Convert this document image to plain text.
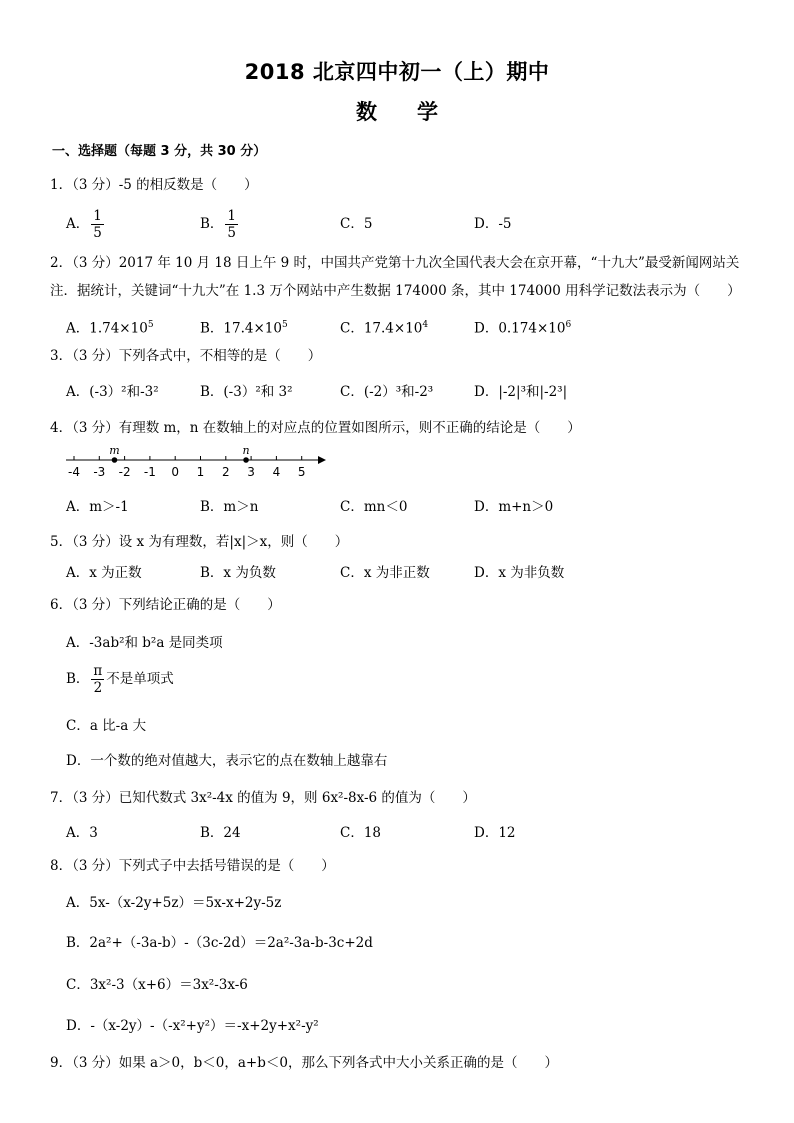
2018 北京四中初一（上）期中
数学
一、选择题（每题 3 分，共 30 分）
1．（3 分）-5 的相反数是（　　）
A． $\frac{1}{5}$	B． $\frac{1}{5}$	C．5	D．-5
2．（3 分）2017 年 10 月 18 日上午 9 时，中国共产党第十九次全国代表大会在京开幕，“十九大”最受新闻网站关注．据统计，关键词“十九大”在 1.3 万个网站中产生数据 174000 条，其中 174000 用科学记数法表示为（　　）
A．$1.74\times 10^5$	B．$17.4\times 10^5$	C．$17.4\times 10^4$	D．$0.174\times 10^6$
3．（3 分）下列各式中，不相等的是（　　）
A．(-3）²和-3²	B．(-3）²和 3²	C．(-2）³和-2³	D．|-2|³和|-2³|
4．（3 分）有理数 m，n 在数轴上的对应点的位置如图所示，则不正确的结论是（　　）
-4 -3 -2 -1 0 1 2 3 4 5
m	n
A．m＞-1	B．m＞n	C．mn＜0	D．m+n＞0
5．（3 分）设 x 为有理数，若|x|＞x，则（　　）
A．x 为正数	B．x 为负数	C．x 为非正数	D．x 为非负数
6．（3 分）下列结论正确的是（　　）
A．-3ab²和 b²a 是同类项
B． $\frac{\pi}{2}$ 不是单项式
C．a 比-a 大
D．一个数的绝对值越大，表示它的点在数轴上越靠右
7．（3 分）已知代数式 3x²-4x 的值为 9，则 6x²-8x-6 的值为（　　）
A．3	B．24	C．18	D．12
8．（3 分）下列式子中去括号错误的是（　　）
A．5x-（x-2y+5z）＝5x-x+2y-5z
B．2a²+（-3a-b）-（3c-2d）＝2a²-3a-b-3c+2d
C．3x²-3（x+6）＝3x²-3x-6
D．-（x-2y）-（-x²+y²）＝-x+2y+x²-y²
9．（3 分）如果 a＞0，b＜0，a+b＜0，那么下列各式中大小关系正确的是（　　）
